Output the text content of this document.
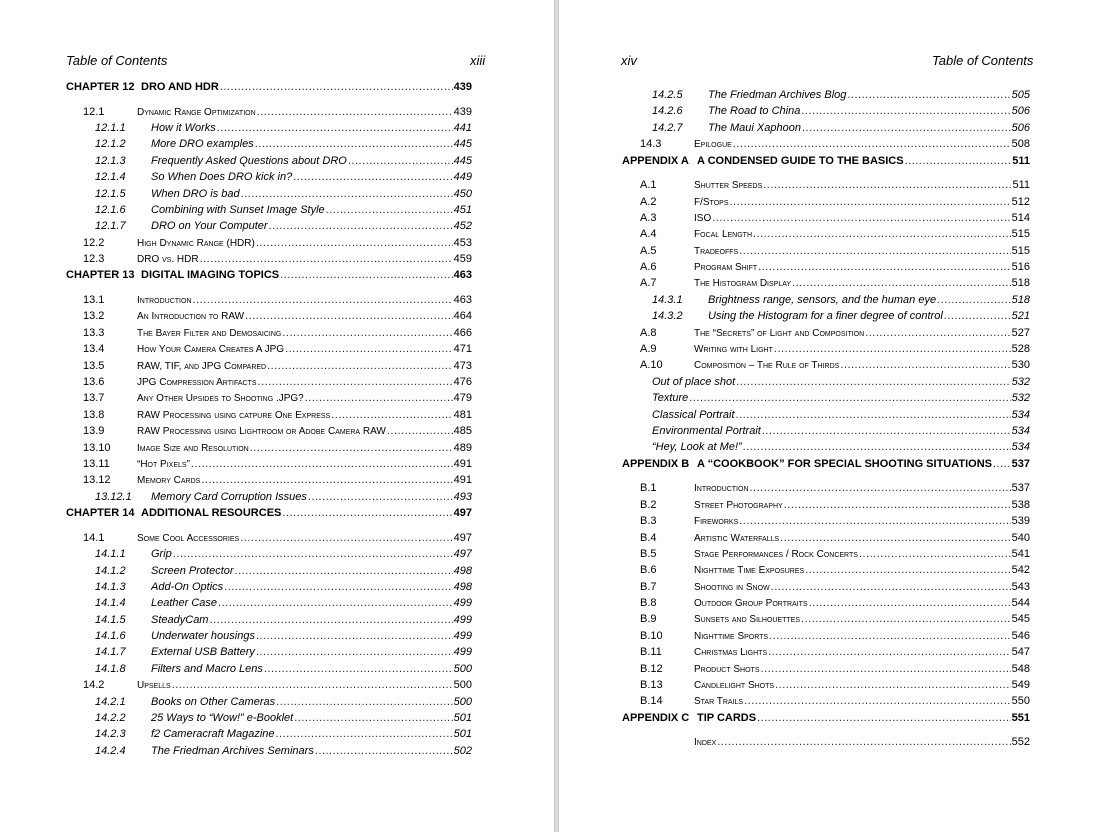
Table of Contents	xiii
CHAPTER 12 DRO AND HDR .....	439
12.1	Dynamic Range Optimization .....	439
12.1.1 How it Works .....	441
12.1.2 More DRO examples .....	445
12.1.3 Frequently Asked Questions about DRO .....	445
12.1.4 So When Does DRO kick in? .....	449
12.1.5 When DRO is bad .....	450
12.1.6 Combining with Sunset Image Style .....	451
12.1.7 DRO on Your Computer .....	452
12.2	High Dynamic Range (HDR) .....	453
12.3	DRO vs. HDR .....	459
CHAPTER 13 DIGITAL IMAGING TOPICS .....	463
13.1	Introduction .....	463
13.2	An Introduction to RAW .....	464
13.3	The Bayer Filter and Demosaicing .....	466
13.4	How Your Camera Creates A JPG .....	471
13.5	RAW, TIF, and JPG Compared .....	473
13.6	JPG Compression Artifacts .....	476
13.7	Any Other Upsides to Shooting .JPG? .....	479
13.8	RAW Processing using catpure One Express .....	481
13.9	RAW Processing using Lightroom or Adobe Camera RAW .....	485
13.10	Image Size and Resolution .....	489
13.11	“Hot Pixels” .....	491
13.12	Memory Cards .....	491
13.12.1 Memory Card Corruption Issues .....	493
CHAPTER 14 ADDITIONAL RESOURCES .....	497
14.1	Some Cool Accessories .....	497
14.1.1 Grip .....	497
14.1.2 Screen Protector .....	498
14.1.3 Add-On Optics .....	498
14.1.4 Leather Case .....	499
14.1.5 SteadyCam .....	499
14.1.6 Underwater housings .....	499
14.1.7 External USB Battery .....	499
14.1.8 Filters and Macro Lens .....	500
14.2	Upsells .....	500
14.2.1 Books on Other Cameras .....	500
14.2.2 25 Ways to “Wow!” e-Booklet .....	501
14.2.3 f2 Cameracraft Magazine .....	501
14.2.4 The Friedman Archives Seminars .....	502
xiv	Table of Contents
14.2.5 The Friedman Archives Blog .....	505
14.2.6 The Road to China .....	506
14.2.7 The Maui Xaphoon .....	506
14.3	Epilogue .....	508
APPENDIX A A CONDENSED GUIDE TO THE BASICS .....	511
A.1	Shutter Speeds .....	511
A.2	F/Stops .....	512
A.3	ISO .....	514
A.4	Focal Length .....	515
A.5	Tradeoffs .....	515
A.6	Program Shift .....	516
A.7	The Histogram Display .....	518
14.3.1 Brightness range, sensors, and the human eye .....	518
14.3.2 Using the Histogram for a finer degree of control .....	521
A.8	The “Secrets” of Light and Composition .....	527
A.9	Writing with Light .....	528
A.10	Composition – The Rule of Thirds .....	530
Out of place shot .....	532
Texture .....	532
Classical Portrait .....	534
Environmental Portrait .....	534
“Hey, Look at Me!” .....	534
APPENDIX B A “COOKBOOK” FOR SPECIAL SHOOTING SITUATIONS ..... 537
B.1	Introduction .....	537
B.2	Street Photography .....	538
B.3	Fireworks .....	539
B.4	Artistic Waterfalls .....	540
B.5	Stage Performances / Rock Concerts .....	541
B.6	Nighttime Time Exposures .....	542
B.7	Shooting in Snow .....	543
B.8	Outdoor Group Portraits .....	544
B.9	Sunsets and Silhouettes .....	545
B.10	Nighttime Sports .....	546
B.11	Christmas Lights .....	547
B.12	Product Shots .....	548
B.13	Candlelight Shots .....	549
B.14	Star Trails .....	550
APPENDIX C TIP CARDS .....	551
Index .....	552
